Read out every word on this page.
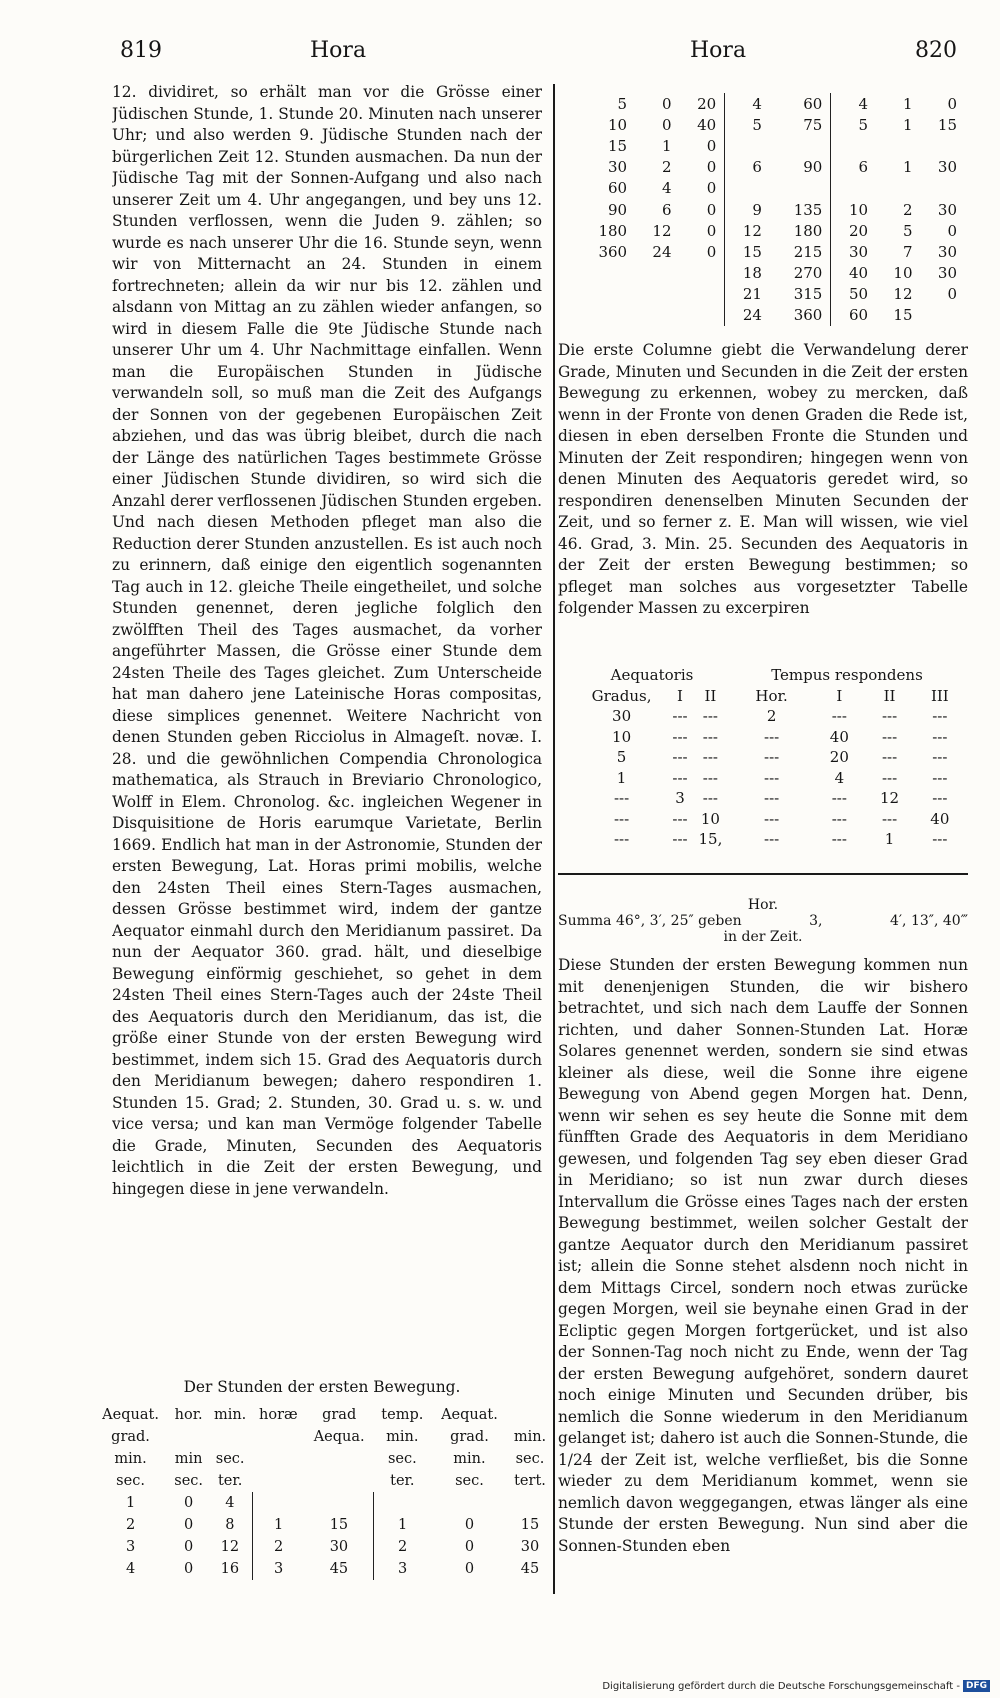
819	Hora	Hora	820

12. dividiret, so erhält man vor die Grösse einer Jüdischen Stunde, 1. Stunde 20. Minuten nach unserer Uhr; und also werden 9. Jüdische Stunden nach der bürgerlichen Zeit 12. Stunden ausmachen. Da nun der Jüdische Tag mit der Sonnen-Aufgang und also nach unserer Zeit um 4. Uhr angegangen, und bey uns 12. Stunden verflossen, wenn die Juden 9. zählen; so wurde es nach unserer Uhr die 16. Stunde seyn, wenn wir von Mitternacht an 24. Stunden in einem fortrechneten; allein da wir nur bis 12. zählen und alsdann von Mittag an zu zählen wieder anfangen, so wird in diesem Falle die 9te Jüdische Stunde nach unserer Uhr um 4. Uhr Nachmittage einfallen. Wenn man die Europäischen Stunden in Jüdische verwandeln soll, so muß man die Zeit des Aufgangs der Sonnen von der gegebenen Europäischen Zeit abziehen, und das was übrig bleibet, durch die nach der Länge des natürlichen Tages bestimmete Grösse einer Jüdischen Stunde dividiren, so wird sich die Anzahl derer verflossenen Jüdischen Stunden ergeben. Und nach diesen Methoden pfleget man also die Reduction derer Stunden anzustellen. Es ist auch noch zu erinnern, daß einige den eigentlich sogenannten Tag auch in 12. gleiche Theile eingetheilet, und solche Stunden genennet, deren jegliche folglich den zwölfften Theil des Tages ausmachet, da vorher angeführter Massen, die Grösse einer Stunde dem 24sten Theile des Tages gleichet. Zum Unterscheide hat man dahero jene Lateinische Horas compositas, diese simplices genennet. Weitere Nachricht von denen Stunden geben Ricciolus in Almageſt. novæ. I. 28. und die gewöhnlichen Compendia Chronologica mathematica, als Strauch in Breviario Chronologico, Wolff in Elem. Chronolog. &c. ingleichen Wegener in Disquisitione de Horis earumque Varietate, Berlin 1669. Endlich hat man in der Astronomie, Stunden der ersten Bewegung, Lat. Horas primi mobilis, welche den 24sten Theil eines Stern-Tages ausmachen, dessen Grösse bestimmet wird, indem der gantze Aequator einmahl durch den Meridianum passiret. Da nun der Aequator 360. grad. hält, und dieselbige Bewegung einförmig geschiehet, so gehet in dem 24sten Theil eines Stern-Tages auch der 24ste Theil des Aequatoris durch den Meridianum, das ist, die größe einer Stunde von der ersten Bewegung wird bestimmet, indem sich 15. Grad des Aequatoris durch den Meridianum bewegen; dahero respondiren 1. Stunden 15. Grad; 2. Stunden, 30. Grad u. s. w. und vice versa; und kan man Vermöge folgender Tabelle die Grade, Minuten, Secunden des Aequatoris leichtlich in die Zeit der ersten Bewegung, und hingegen diese in jene verwandeln.

5	0	20	4	60	4	1	0
10	0	40	5	75	5	1	15
15	1	0					
30	2	0	6	90	6	1	30
60	4	0					
90	6	0	9	135	10	2	30
180	12	0	12	180	20	5	0
360	24	0	15	215	30	7	30
			18	270	40	10	30
			21	315	50	12	0
			24	360	60	15	

Die erste Columne giebt die Verwandelung derer Grade, Minuten und Secunden in die Zeit der ersten Bewegung zu erkennen, wobey zu mercken, daß wenn in der Fronte von denen Graden die Rede ist, diesen in eben derselben Fronte die Stunden und Minuten der Zeit respondiren; hingegen wenn von denen Minuten des Aequatoris geredet wird, so respondiren denenselben Minuten Secunden der Zeit, und so ferner z. E. Man will wissen, wie viel 46. Grad, 3. Min. 25. Secunden des Aequatoris in der Zeit der ersten Bewegung bestimmen; so pfleget man solches aus vorgesetzter Tabelle folgender Massen zu excerpiren

Aequatoris			Tempus respondens			
Gradus,	I	II	Hor.	I	II	III
30	---	---	2	---	---	---
10	---	---	---	40	---	---
5	---	---	---	20	---	---
1	---	---	---	4	---	---
---	3	---	---	---	12	---
---	---	10	---	---	---	40
---	---	15,	---	---	1	---
Hor.
Summa 46°, 3′, 25″ geben	3,	4′, 13″, 40‴
in der Zeit.

Diese Stunden der ersten Bewegung kommen nun mit denenjenigen Stunden, die wir bishero betrachtet, und sich nach dem Lauffe der Sonnen richten, und daher Sonnen-Stunden Lat. Horæ Solares genennet werden, sondern sie sind etwas kleiner als diese, weil die Sonne ihre eigene Bewegung von Abend gegen Morgen hat. Denn, wenn wir sehen es sey heute die Sonne mit dem fünfften Grade des Aequatoris in dem Meridiano gewesen, und folgenden Tag sey eben dieser Grad in Meridiano; so ist nun zwar durch dieses Intervallum die Grösse eines Tages nach der ersten Bewegung bestimmet, weilen solcher Gestalt der gantze Aequator durch den Meridianum passiret ist; allein die Sonne stehet alsdenn noch nicht in dem Mittags Circel, sondern noch etwas zurücke gegen Morgen, weil sie beynahe einen Grad in der Ecliptic gegen Morgen fortgerücket, und ist also der Sonnen-Tag noch nicht zu Ende, wenn der Tag der ersten Bewegung aufgehöret, sondern dauret noch einige Minuten und Secunden drüber, bis nemlich die Sonne wiederum in den Meridianum gelanget ist; dahero ist auch die Sonnen-Stunde, die 1/24 der Zeit ist, welche verfließet, bis die Sonne wieder zu dem Meridianum kommet, wenn sie nemlich davon weggegangen, etwas länger als eine Stunde der ersten Bewegung. Nun sind aber die Sonnen-Stunden eben

Der Stunden der ersten Bewegung.
Aequat.	hor.	min.	horæ	grad	temp.	Aequat.	
grad.				Aequa.	min.	grad.	min.
min.	min	sec.			sec.	min.	sec.
sec.	sec.	ter.			ter.	sec.	tert.
1	0	4					
2	0	8	1	15	1	0	15
3	0	12	2	30	2	0	30
4	0	16	3	45	3	0	45
Digitalisierung gefördert durch die Deutsche Forschungsgemeinschaft - DFG
